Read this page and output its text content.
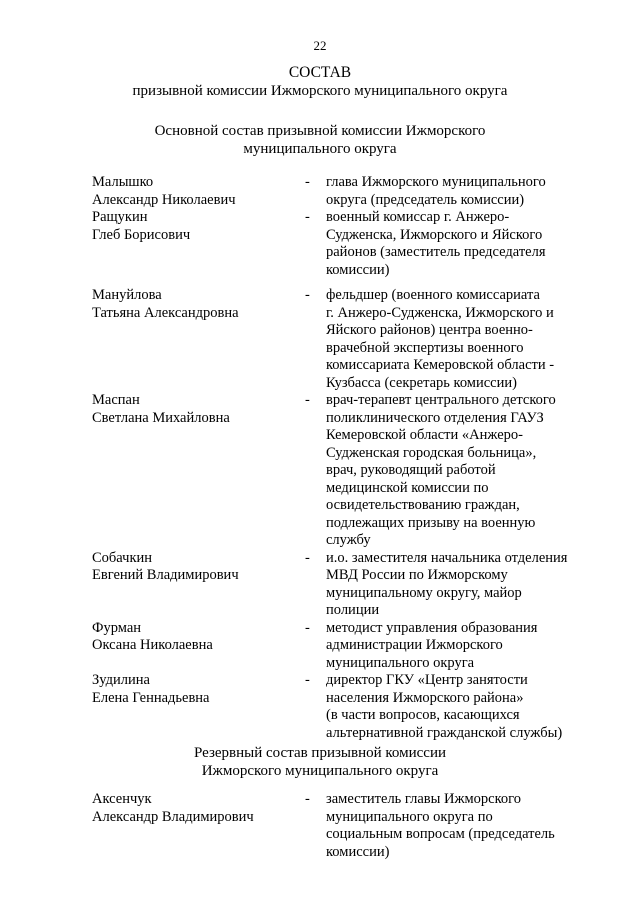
22
СОСТАВ
призывной комиссии Ижморского муниципального округа
Основной состав призывной комиссии Ижморского
муниципального округа
Малышко
Александр Николаевич
- глава Ижморского муниципального
округа (председатель комиссии)
Ращукин
Глеб Борисович
- военный комиссар г. Анжеро-
Судженска, Ижморского и Яйского
районов (заместитель председателя
комиссии)
Мануйлова
Татьяна Александровна
- фельдшер (военного комиссариата
г. Анжеро-Судженска, Ижморского и
Яйского районов) центра военно-
врачебной экспертизы военного
комиссариата Кемеровской области -
Кузбасса (секретарь комиссии)
Маспан
Светлана Михайловна
- врач-терапевт центрального детского
поликлинического отделения ГАУЗ
Кемеровской области «Анжеро-
Судженская городская больница»,
врач, руководящий работой
медицинской комиссии по
освидетельствованию граждан,
подлежащих призыву на военную
службу
Собачкин
Евгений Владимирович
- и.о. заместителя начальника отделения
МВД России по Ижморскому
муниципальному округу, майор
полиции
Фурман
Оксана Николаевна
- методист управления образования
администрации Ижморского
муниципального округа
Зудилина
Елена Геннадьевна
- директор ГКУ «Центр занятости
населения Ижморского района»
(в части вопросов, касающихся
альтернативной гражданской службы)
Резервный состав призывной комиссии
Ижморского муниципального округа
Аксенчук
Александр Владимирович
- заместитель главы Ижморского
муниципального округа по
социальным вопросам (председатель
комиссии)
